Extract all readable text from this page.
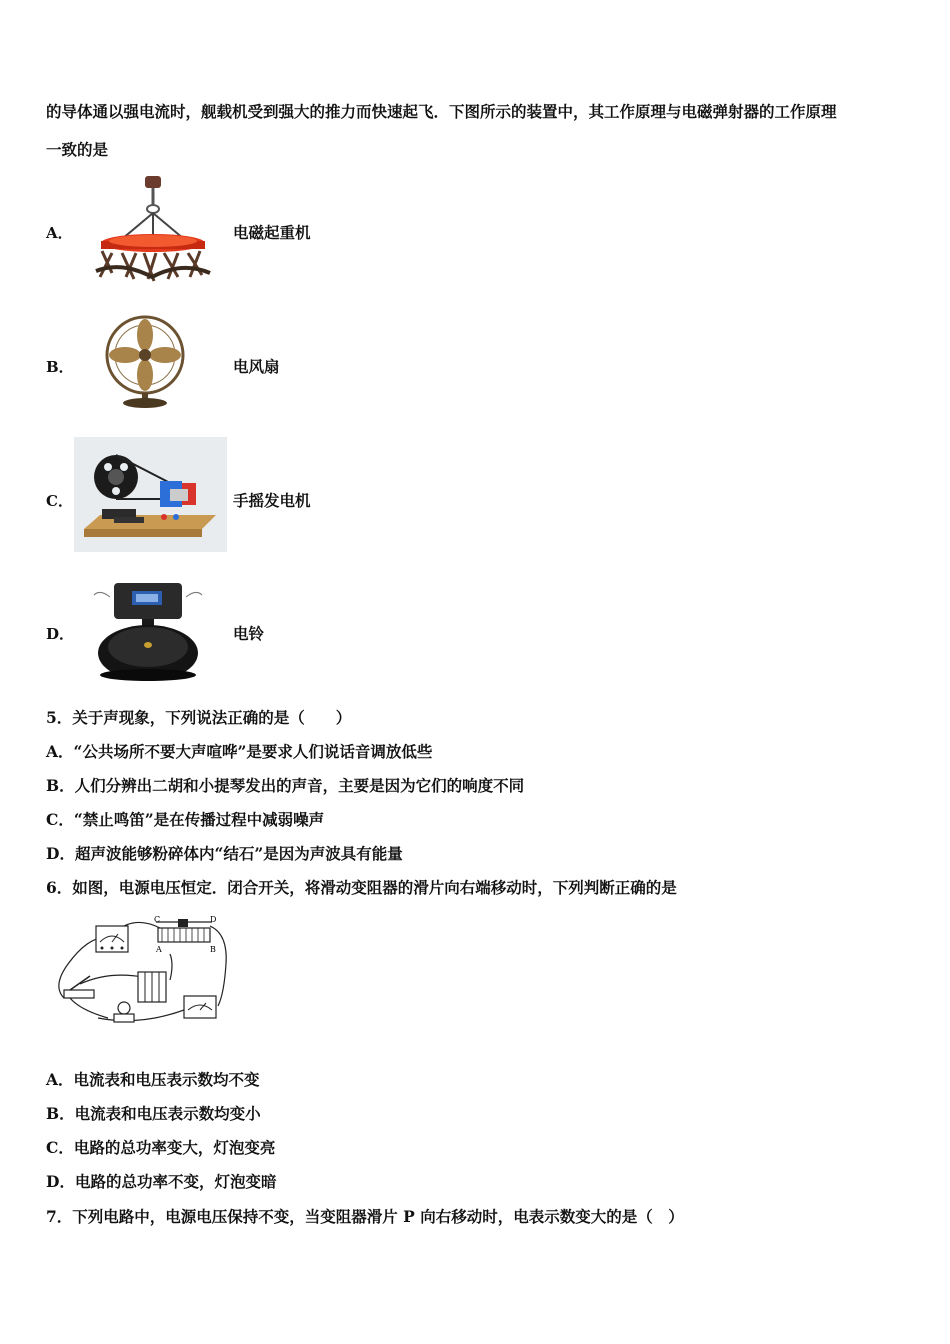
的导体通以强电流时，舰载机受到强大的推力而快速起飞．下图所示的装置中，其工作原理与电磁弹射器的工作原理
一致的是
A．	电磁起重机
B．	电风扇
C．	手摇发电机
D．	电铃
5．关于声现象，下列说法正确的是（　　）
A．“公共场所不要大声喧哗”是要求人们说话音调放低些
B．人们分辨出二胡和小提琴发出的声音，主要是因为它们的响度不同
C．“禁止鸣笛”是在传播过程中减弱噪声
D．超声波能够粉碎体内“结石”是因为声波具有能量
6．如图，电源电压恒定．闭合开关，将滑动变阻器的滑片向右端移动时，下列判断正确的是
C	D
A	B
A．电流表和电压表示数均不变
B．电流表和电压表示数均变小
C．电路的总功率变大，灯泡变亮
D．电路的总功率不变，灯泡变暗
7．下列电路中，电源电压保持不变，当变阻器滑片 P 向右移动时，电表示数变大的是（　）
